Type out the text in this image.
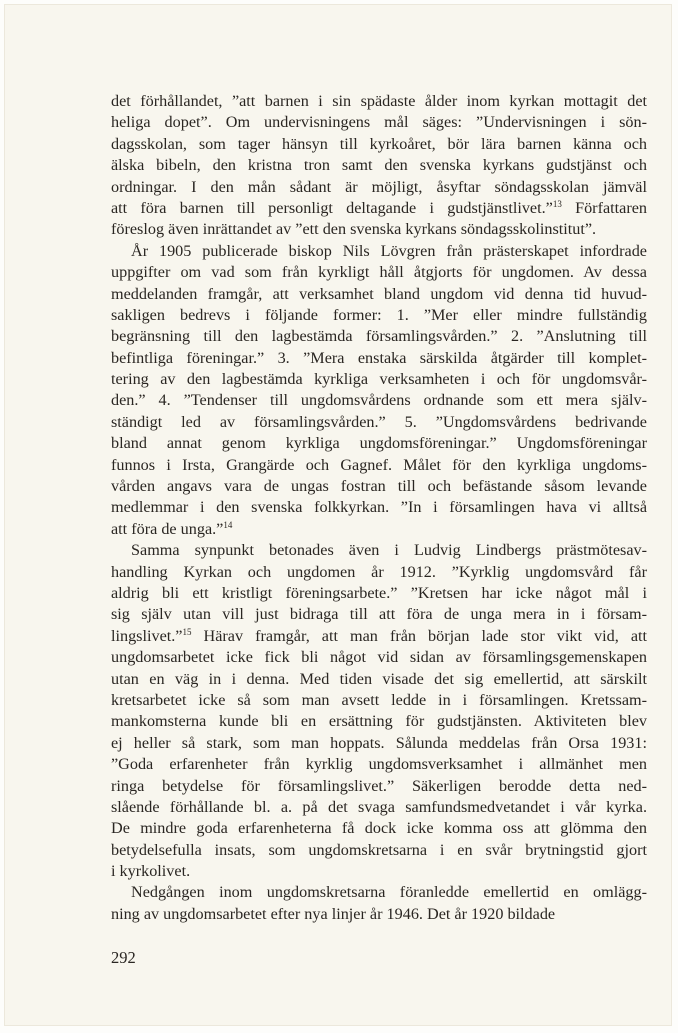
det förhållandet, ”att barnen i sin spädaste ålder inom kyrkan mottagit det
heliga dopet”. Om undervisningens mål säges: ”Undervisningen i sön-
dagsskolan, som tager hänsyn till kyrkoåret, bör lära barnen känna och
älska bibeln, den kristna tron samt den svenska kyrkans gudstjänst och
ordningar. I den mån sådant är möjligt, åsyftar söndagsskolan jämväl
att föra barnen till personligt deltagande i gudstjänstlivet.”$^{13}$ Författaren
föreslog även inrättandet av ”ett den svenska kyrkans söndagsskolinstitut”.
År 1905 publicerade biskop Nils Lövgren från prästerskapet infordrade
uppgifter om vad som från kyrkligt håll åtgjorts för ungdomen. Av dessa
meddelanden framgår, att verksamhet bland ungdom vid denna tid huvud-
sakligen bedrevs i följande former: 1. ”Mer eller mindre fullständig
begränsning till den lagbestämda församlingsvården.” 2. ”Anslutning till
befintliga föreningar.” 3. ”Mera enstaka särskilda åtgärder till komplet-
tering av den lagbestämda kyrkliga verksamheten i och för ungdomsvår-
den.” 4. ”Tendenser till ungdomsvårdens ordnande som ett mera själv-
ständigt led av församlingsvården.” 5. ”Ungdomsvårdens bedrivande
bland annat genom kyrkliga ungdomsföreningar.” Ungdomsföreningar
funnos i Irsta, Grangärde och Gagnef. Målet för den kyrkliga ungdoms-
vården angavs vara de ungas fostran till och befästande såsom levande
medlemmar i den svenska folkkyrkan. ”In i församlingen hava vi alltså
att föra de unga.”$^{14}$
Samma synpunkt betonades även i Ludvig Lindbergs prästmötesav-
handling Kyrkan och ungdomen år 1912. ”Kyrklig ungdomsvård får
aldrig bli ett kristligt föreningsarbete.” ”Kretsen har icke något mål i
sig själv utan vill just bidraga till att föra de unga mera in i försam-
lingslivet.”$^{15}$ Härav framgår, att man från början lade stor vikt vid, att
ungdomsarbetet icke fick bli något vid sidan av församlingsgemenskapen
utan en väg in i denna. Med tiden visade det sig emellertid, att särskilt
kretsarbetet icke så som man avsett ledde in i församlingen. Kretssam-
mankomsterna kunde bli en ersättning för gudstjänsten. Aktiviteten blev
ej heller så stark, som man hoppats. Sålunda meddelas från Orsa 1931:
”Goda erfarenheter från kyrklig ungdomsverksamhet i allmänhet men
ringa betydelse för församlingslivet.” Säkerligen berodde detta ned-
slående förhållande bl. a. på det svaga samfundsmedvetandet i vår kyrka.
De mindre goda erfarenheterna få dock icke komma oss att glömma den
betydelsefulla insats, som ungdomskretsarna i en svår brytningstid gjort
i kyrkolivet.
Nedgången inom ungdomskretsarna föranledde emellertid en omlägg-
ning av ungdomsarbetet efter nya linjer år 1946. Det år 1920 bildade
292
